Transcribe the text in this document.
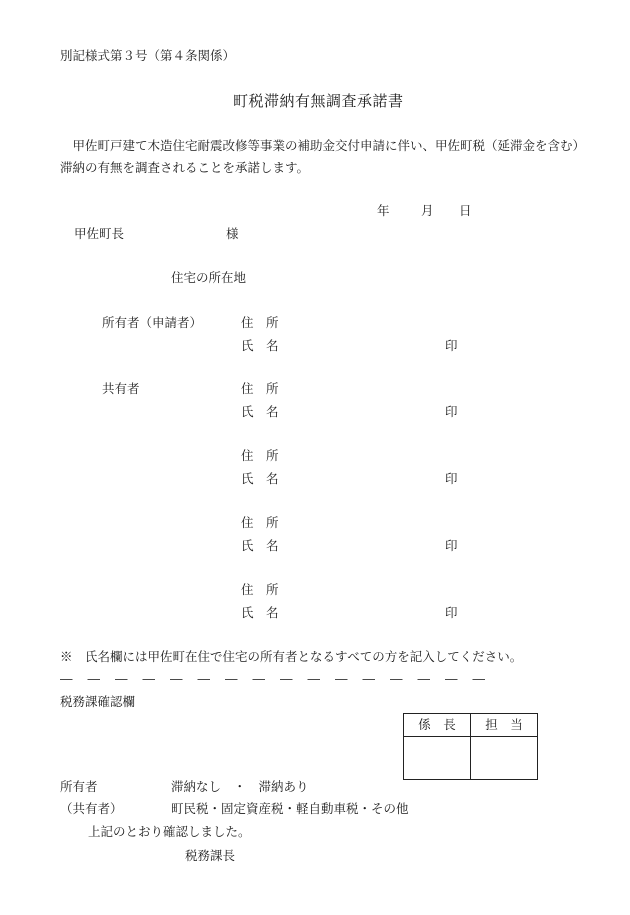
別記様式第３号（第４条関係）
町税滞納有無調査承諾書
甲佐町戸建て木造住宅耐震改修等事業の補助金交付申請に伴い、甲佐町税（延滞金を含む）滞納の有無を調査されることを承諾します。
年	月 日
甲佐町長	様
住宅の所在地
所有者（申請者）	住　所
氏　名	印
共有者	住　所
氏　名	印
住　所
氏　名	印
住　所
氏　名	印
住　所
氏　名	印
※　氏名欄には甲佐町在住で住宅の所有者となるすべての方を記入してください。
―	―	―	―	―	―	―	―	―	―	―	―	―	―	―	―
税務課確認欄
係　長	担　当

所有者	滞納なし　・　滞納あり
（共有者）	町民税・固定資産税・軽自動車税・その他
上記のとおり確認しました。
税務課長
